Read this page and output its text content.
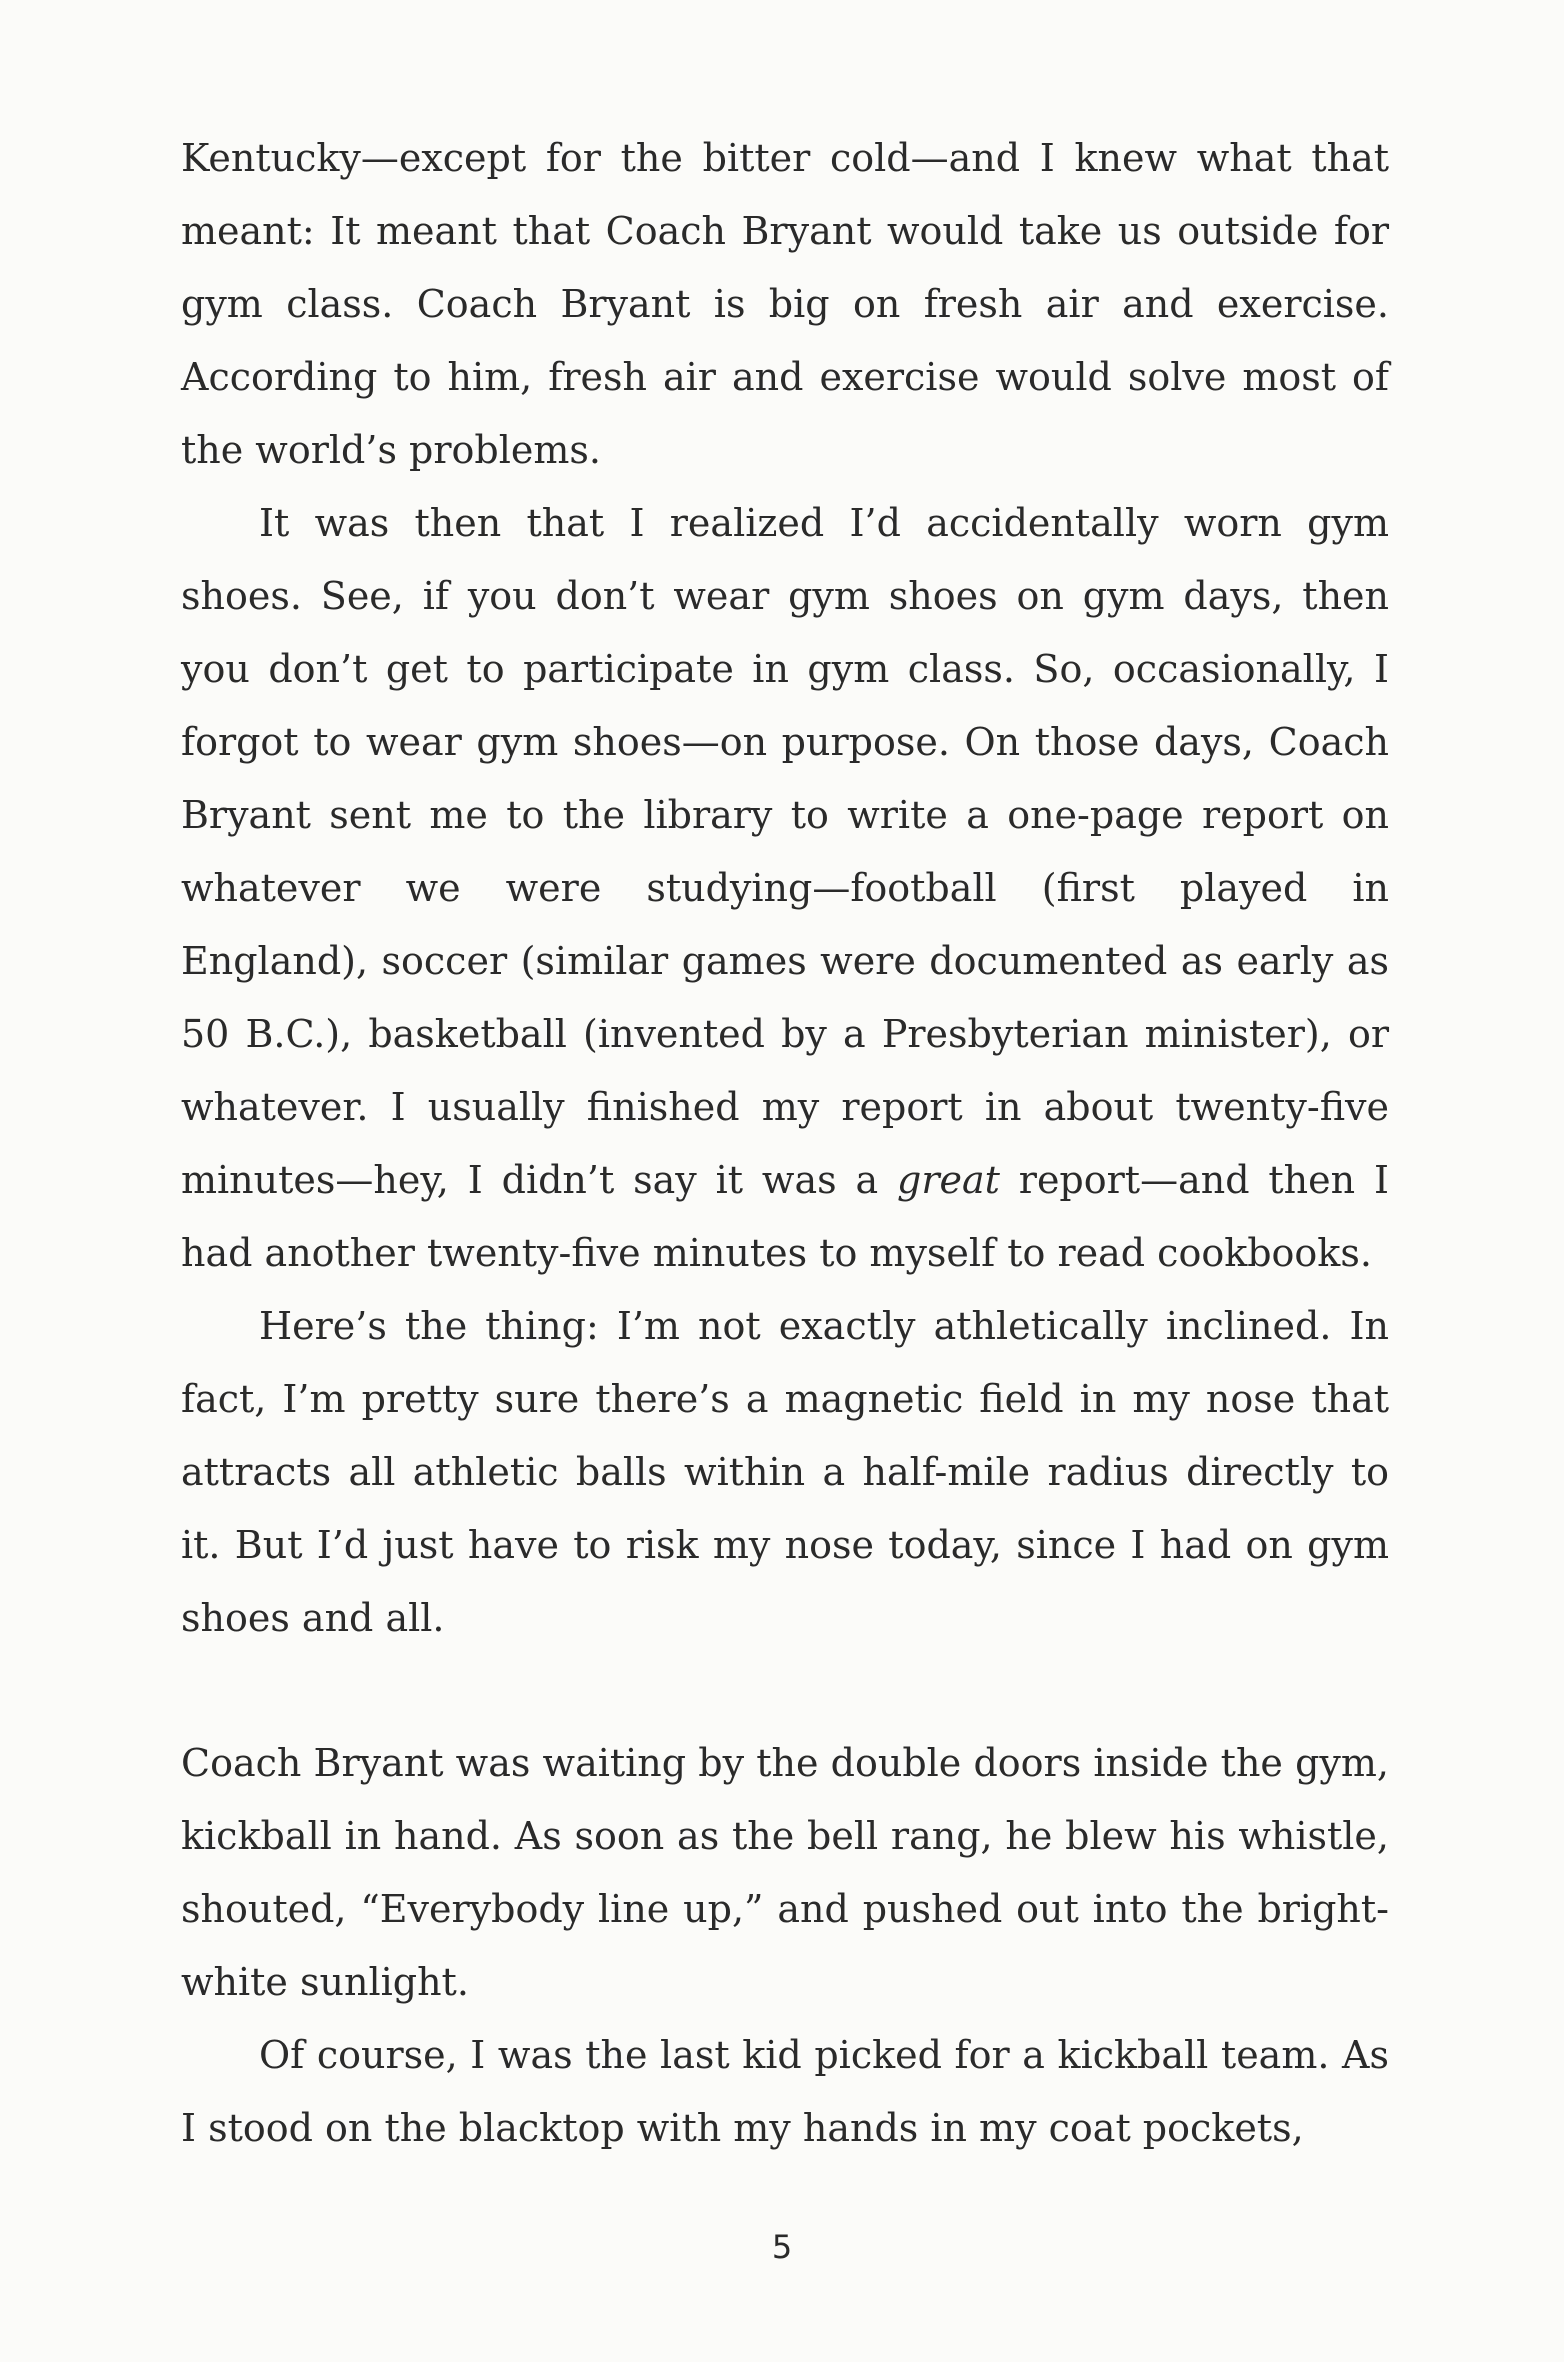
Kentucky—except for the bitter cold—and I knew what that meant: It meant that Coach Bryant would take us outside for gym class. Coach Bryant is big on fresh air and exercise. According to him, fresh air and exercise would solve most of the world’s problems.

It was then that I realized I’d accidentally worn gym shoes. See, if you don’t wear gym shoes on gym days, then you don’t get to participate in gym class. So, occasionally, I forgot to wear gym shoes—on purpose. On those days, Coach Bryant sent me to the library to write a one-page report on whatever we were studying—football (first played in England), soccer (similar games were documented as early as 50 B.C.), basketball (invented by a Presbyterian minister), or whatever. I usually finished my report in about twenty-five minutes—hey, I didn’t say it was a great report—and then I had another twenty-five minutes to myself to read cookbooks.

Here’s the thing: I’m not exactly athletically inclined. In fact, I’m pretty sure there’s a magnetic field in my nose that attracts all athletic balls within a half-mile radius directly to it. But I’d just have to risk my nose today, since I had on gym shoes and all.

Coach Bryant was waiting by the double doors inside the gym, kickball in hand. As soon as the bell rang, he blew his whistle, shouted, “Everybody line up,” and pushed out into the bright-white sunlight.

Of course, I was the last kid picked for a kickball team. As I stood on the blacktop with my hands in my coat pockets,

5
